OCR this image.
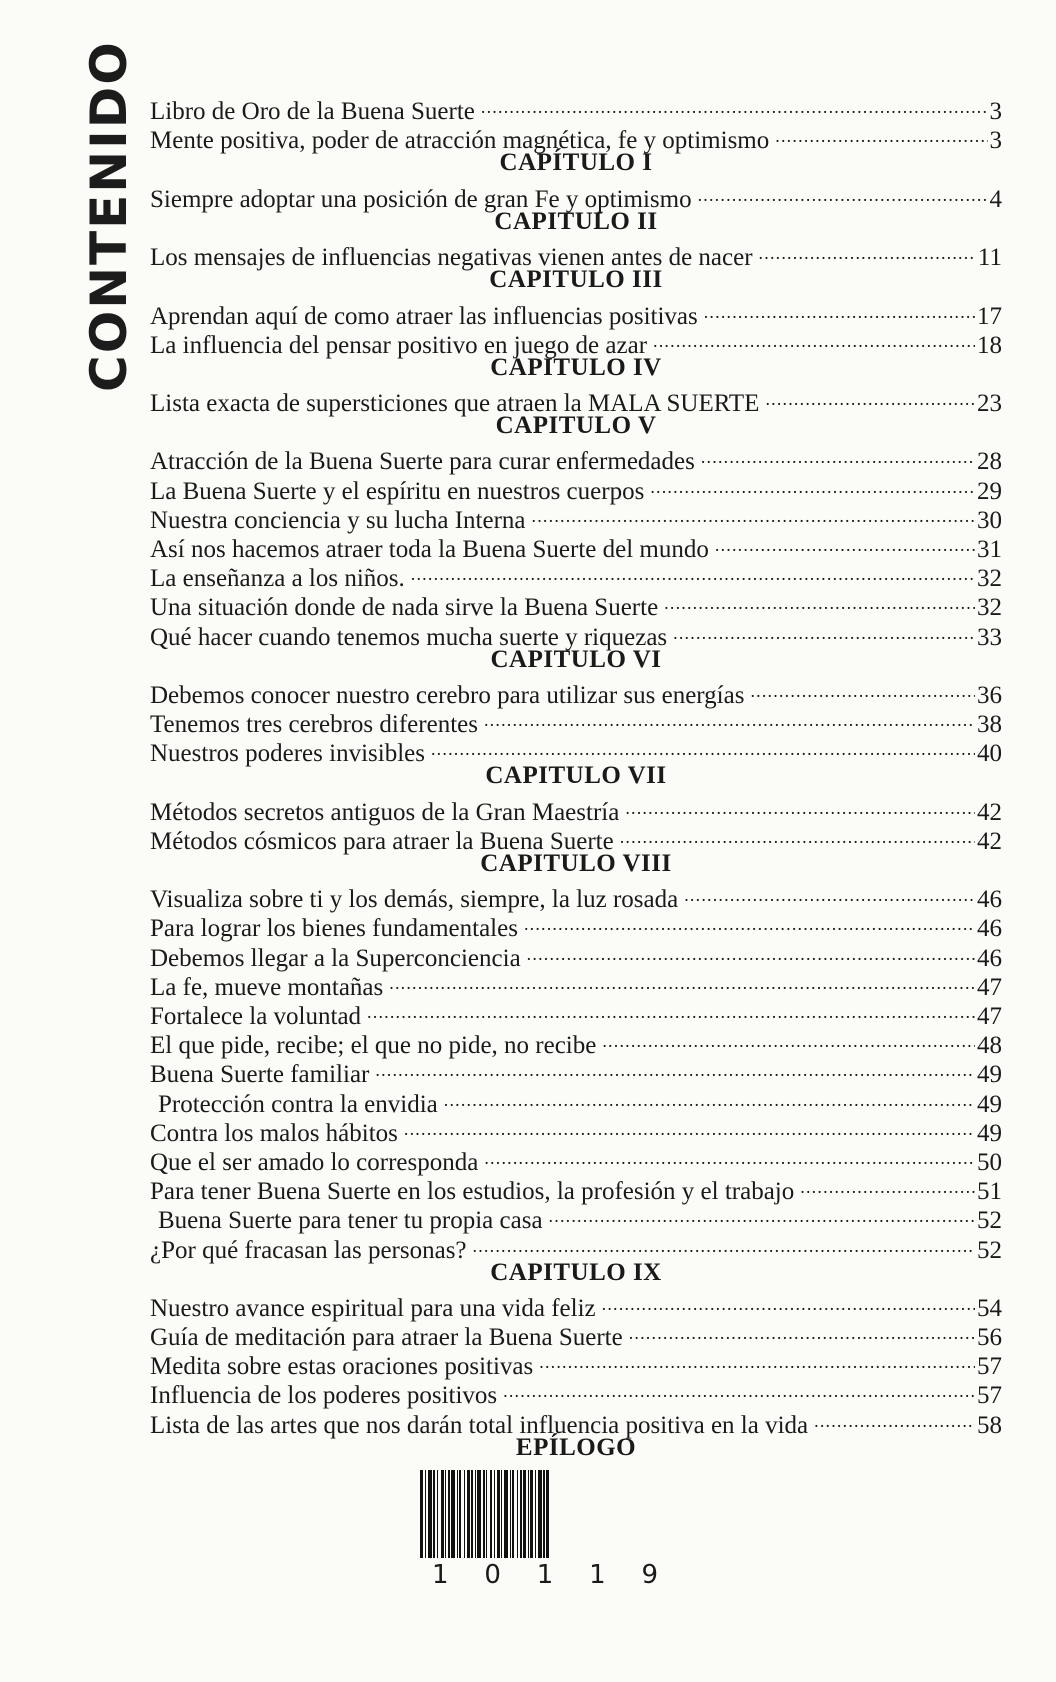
CONTENIDO Libro de Oro de la Buena Suerte .....	3
Mente positiva, poder de atracción magnética, fe y optimismo .....	3
CAPÍTULO I
Siempre adoptar una posición de gran Fe y optimismo .....	4
CAPITULO II
Los mensajes de influencias negativas vienen antes de nacer .....	11
CAPITULO III
Aprendan aquí de como atraer las influencias positivas .....	17
La influencia del pensar positivo en juego de azar .....	18
CAPITULO IV
Lista exacta de supersticiones que atraen la MALA SUERTE .....	23
CAPITULO V
Atracción de la Buena Suerte para curar enfermedades .....	28
La Buena Suerte y el espíritu en nuestros cuerpos .....	29
Nuestra conciencia y su lucha Interna .....	30
Así nos hacemos atraer toda la Buena Suerte del mundo .....	31
La enseñanza a los niños. .....	32
Una situación donde de nada sirve la Buena Suerte .....	32
Qué hacer cuando tenemos mucha suerte y riquezas .....	33
CAPITULO VI
Debemos conocer nuestro cerebro para utilizar sus energías .....	36
Tenemos tres cerebros diferentes .....	38
Nuestros poderes invisibles .....	40
CAPITULO VII
Métodos secretos antiguos de la Gran Maestría .....	42
Métodos cósmicos para atraer la Buena Suerte .....	42
CAPITULO VIII
Visualiza sobre ti y los demás, siempre, la luz rosada .....	46
Para lograr los bienes fundamentales .....	46
Debemos llegar a la Superconciencia .....	46
La fe, mueve montañas .....	47
Fortalece la voluntad .....	47
El que pide, recibe; el que no pide, no recibe .....	48
Buena Suerte familiar .....	49
Protección contra la envidia .....	49
Contra los malos hábitos .....	49
Que el ser amado lo corresponda .....	50
Para tener Buena Suerte en los estudios, la profesión y el trabajo .....	51
Buena Suerte para tener tu propia casa .....	52
¿Por qué fracasan las personas? .....	52
CAPITULO IX
Nuestro avance espiritual para una vida feliz .....	54
Guía de meditación para atraer la Buena Suerte .....	56
Medita sobre estas oraciones positivas .....	57
Influencia de los poderes positivos .....	57
Lista de las artes que nos darán total influencia positiva en la vida .....	58
EPÍLOGO
1 0 1 1 9
